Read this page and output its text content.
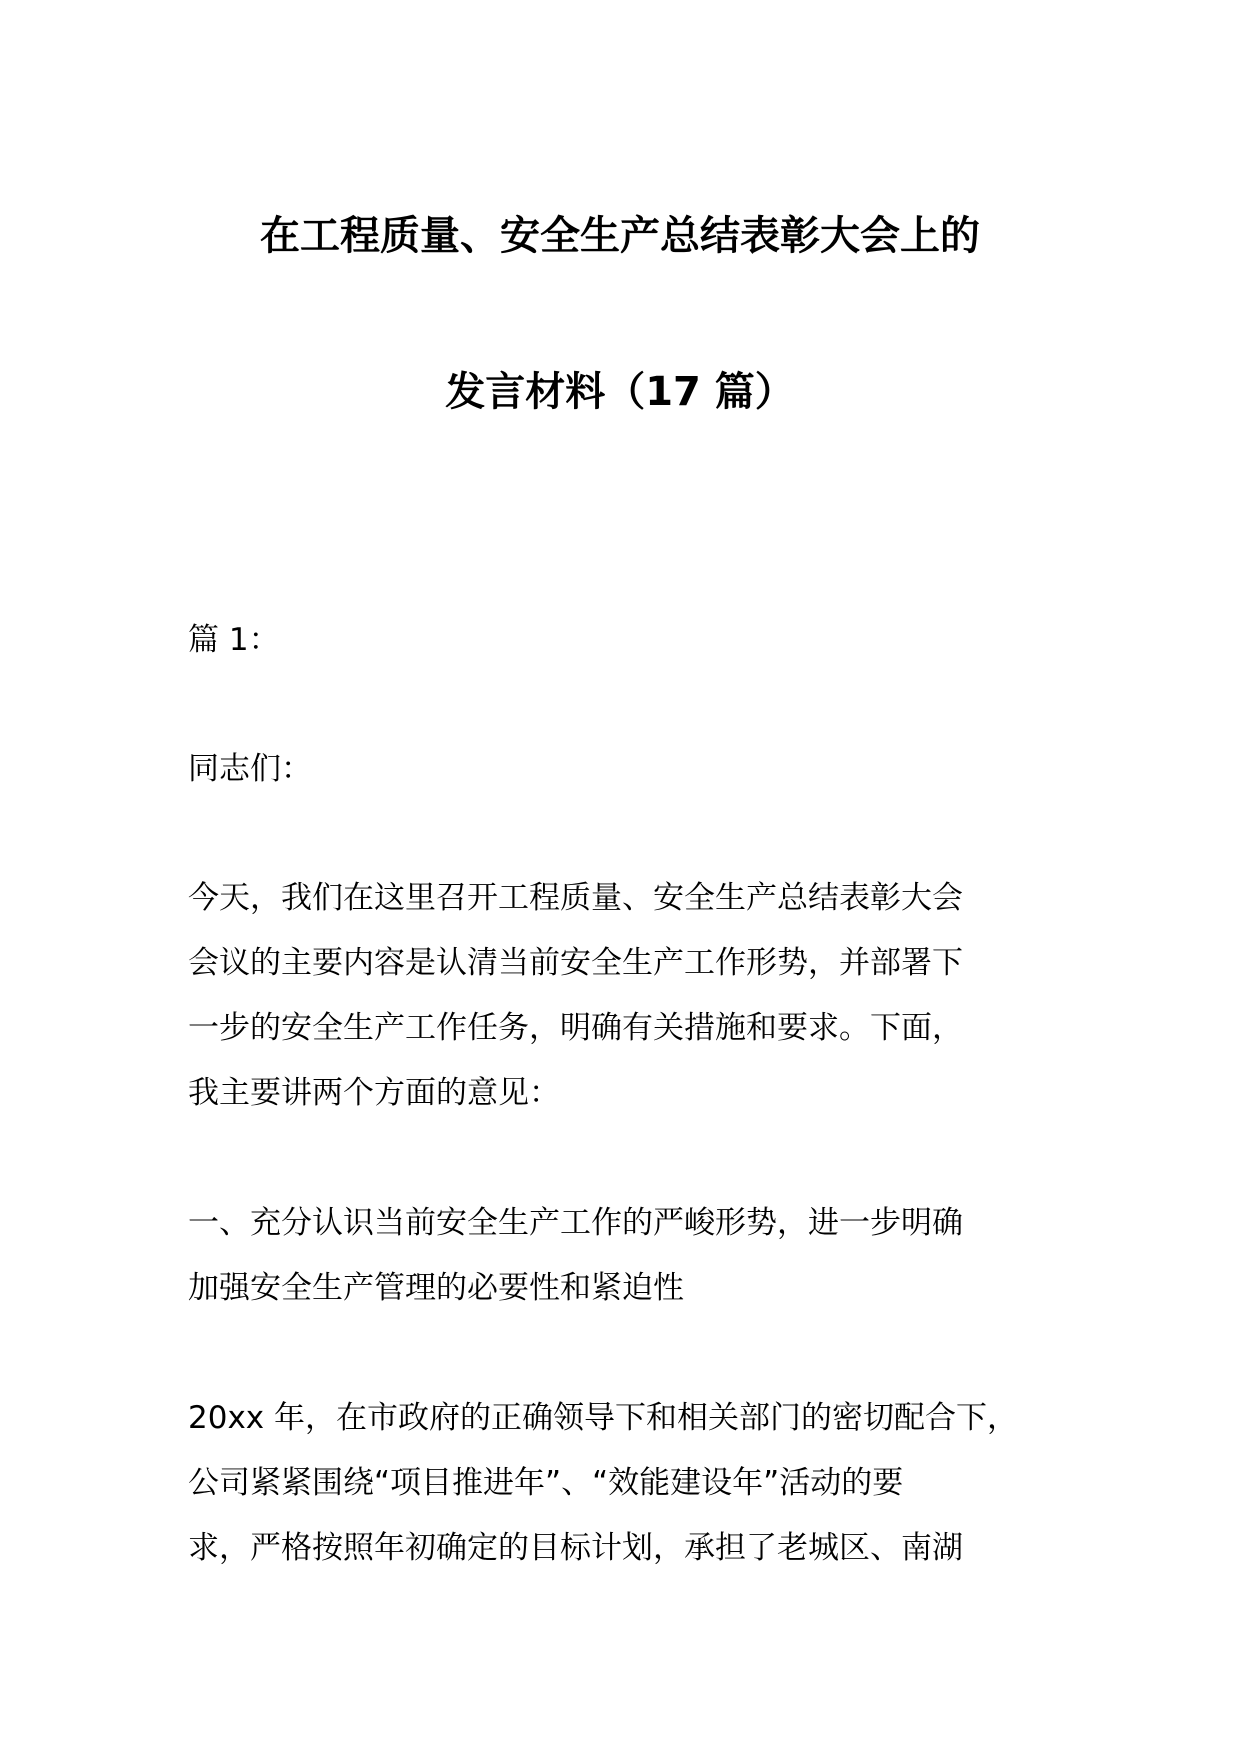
在工程质量、安全生产总结表彰大会上的
发言材料（17 篇）
篇 1：
同志们：
今天，我们在这里召开工程质量、安全生产总结表彰大会
会议的主要内容是认清当前安全生产工作形势，并部署下
一步的安全生产工作任务，明确有关措施和要求。下面，
我主要讲两个方面的意见：
一、充分认识当前安全生产工作的严峻形势，进一步明确
加强安全生产管理的必要性和紧迫性
20xx 年，在市政府的正确领导下和相关部门的密切配合下，
公司紧紧围绕“项目推进年”、“效能建设年”活动的要
求，严格按照年初确定的目标计划，承担了老城区、南湖
